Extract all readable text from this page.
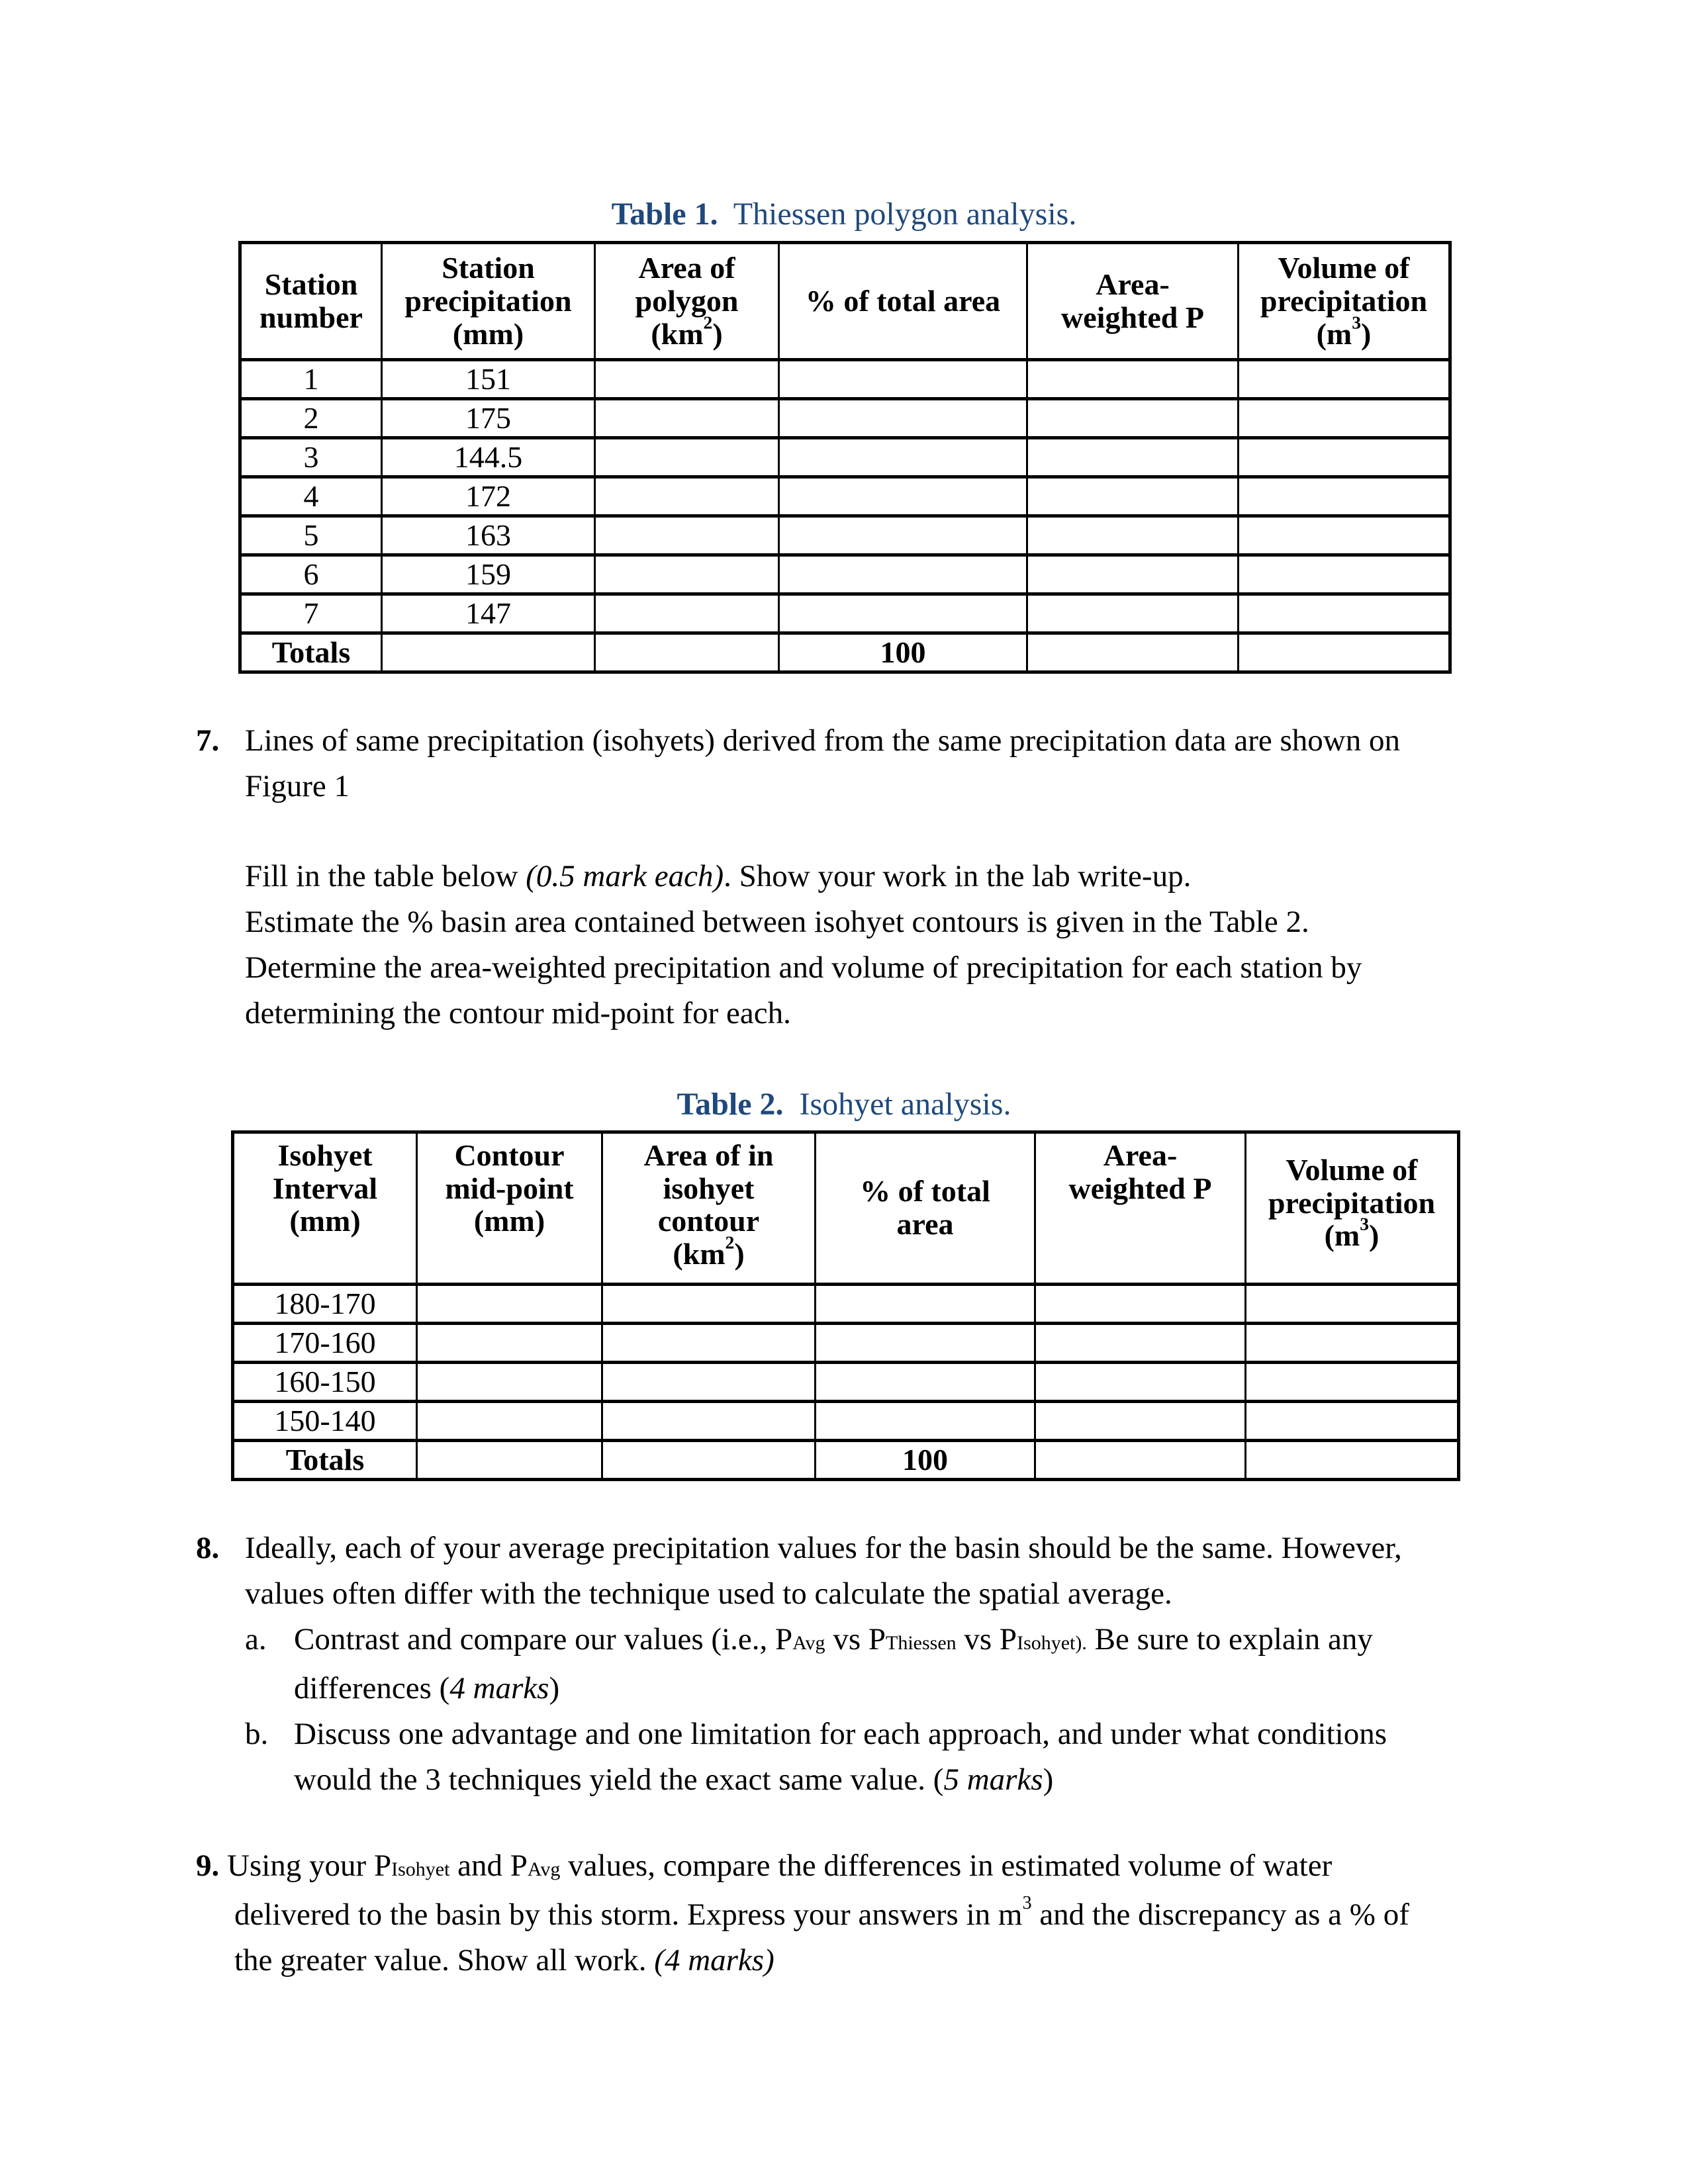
Table 1. Thiessen polygon analysis.
Station
number	Station
precipitation
(mm)	Area of
polygon
$(km^2)$	% of total area	Area-
weighted P	Volume of
precipitation
$(m^3)$
1	151				
2	175				
3	144.5				
4	172				
5	163				
6	159				
7	147				
Totals			100		
7. Lines of same precipitation (isohyets) derived from the same precipitation data are shown on
Figure 1
Fill in the table below (0.5 mark each). Show your work in the lab write-up.
Estimate the % basin area contained between isohyet contours is given in the Table 2.
Determine the area-weighted precipitation and volume of precipitation for each station by
determining the contour mid-point for each.
Table 2. Isohyet analysis.
Isohyet
Interval
(mm)	Contour
mid-point
(mm)	Area of in
isohyet
contour
$(km^2)$	% of total
area	Area-
weighted P	Volume of
precipitation
$(m^3)$
180-170					
170-160					
160-150					
150-140					
Totals			100		
8. Ideally, each of your average precipitation values for the basin should be the same. However,
values often differ with the technique used to calculate the spatial average.
a. Contrast and compare our values (i.e., PAvg vs PThiessen vs PIsohyet). Be sure to explain any
differences (4 marks)
b. Discuss one advantage and one limitation for each approach, and under what conditions
would the 3 techniques yield the exact same value. (5 marks)
9. Using your PIsohyet and PAvg values, compare the differences in estimated volume of water
delivered to the basin by this storm. Express your answers in $m^3$ and the discrepancy as a % of
the greater value. Show all work. (4 marks)
